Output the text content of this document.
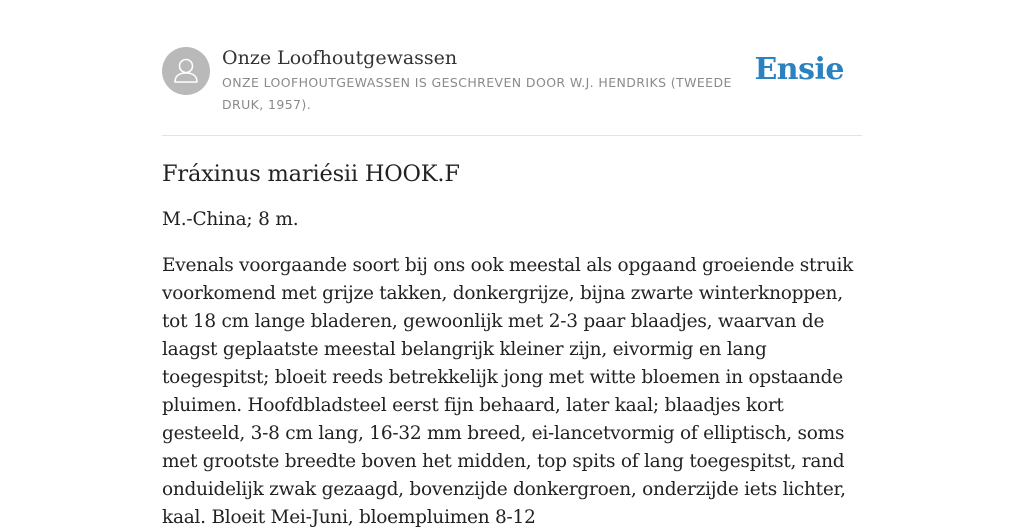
Onze Loofhoutgewassen
ONZE LOOFHOUTGEWASSEN IS GESCHREVEN DOOR W.J. HENDRIKS (TWEEDE DRUK, 1957).
Ensie
Fráxinus mariésii HOOK.F

M.-China; 8 m.

Evenals voorgaande soort bij ons ook meestal als opgaand groeiende struik voorkomend met grijze takken, donkergrijze, bijna zwarte winterknoppen, tot 18 cm lange bladeren, gewoonlijk met 2-3 paar blaadjes, waarvan de laagst geplaatste meestal belangrijk kleiner zijn, eivormig en lang toegespitst; bloeit reeds betrekkelijk jong met witte bloemen in opstaande pluimen. Hoofdbladsteel eerst fijn behaard, later kaal; blaadjes kort gesteeld, 3-8 cm lang, 16-32 mm breed, ei-lancetvormig of elliptisch, soms met grootste breedte boven het midden, top spits of lang toegespitst, rand onduidelijk zwak gezaagd, bovenzijde donkergroen, onderzijde iets lichter, kaal. Bloeit Mei-Juni, bloempluimen 8-12
